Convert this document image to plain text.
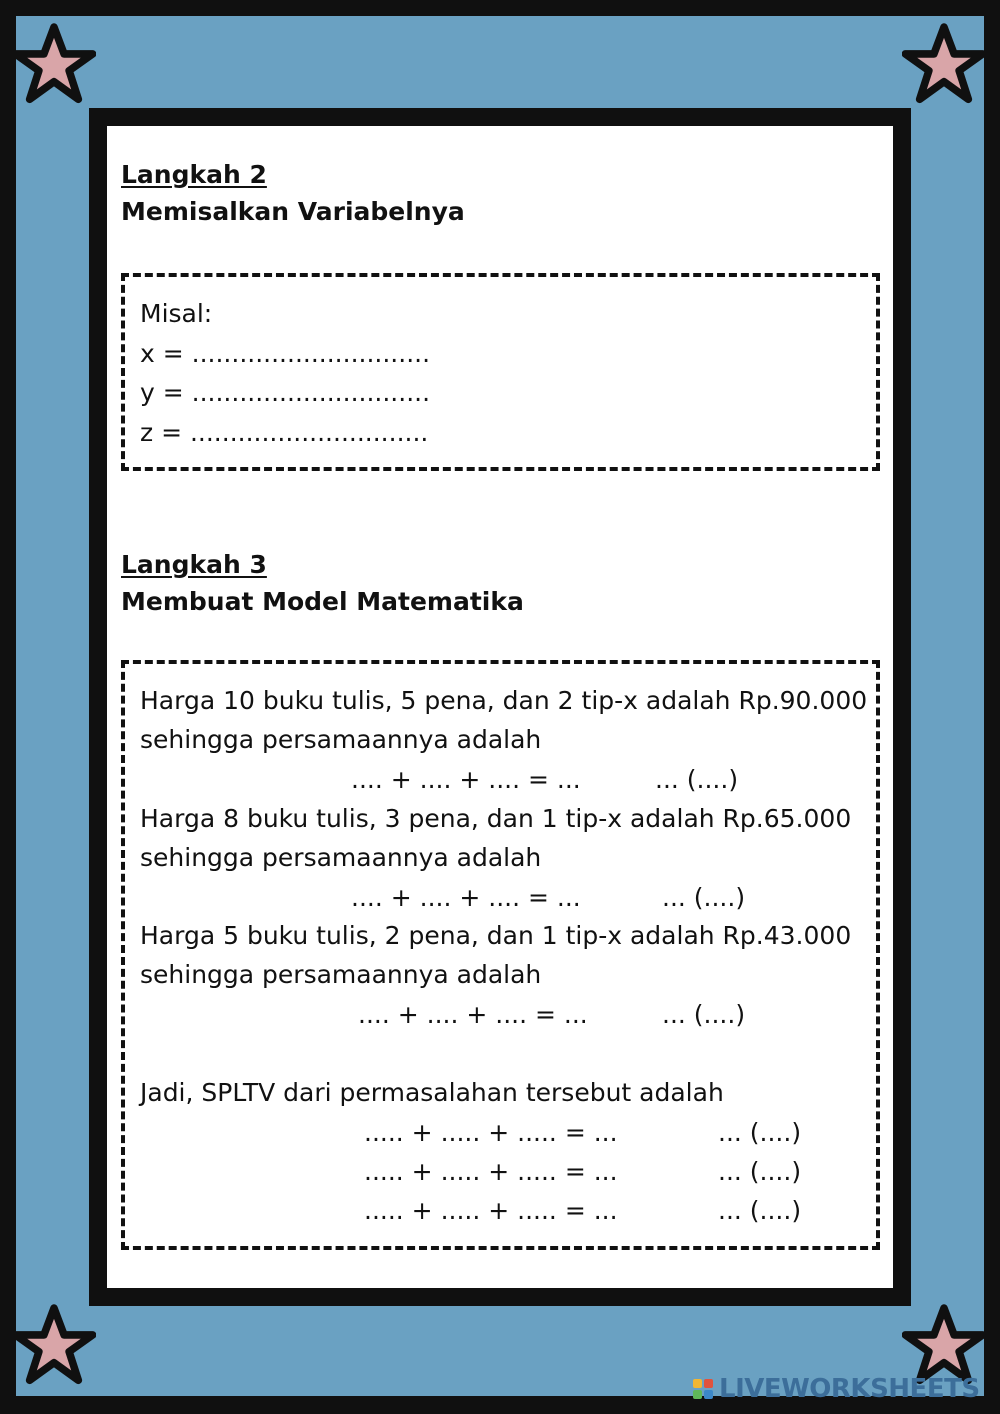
Langkah 2
Memisalkan Variabelnya
Misal:
x = ..............................
y = ..............................
z = ..............................
Langkah 3
Membuat Model Matematika
Harga 10 buku tulis, 5 pena, dan 2 tip-x adalah Rp.90.000
sehingga persamaannya adalah
.... + .... + .... = ...	... (....)
Harga 8 buku tulis, 3 pena, dan 1 tip-x adalah Rp.65.000
sehingga persamaannya adalah
.... + .... + .... = ...	... (....)
Harga 5 buku tulis, 2 pena, dan 1 tip-x adalah Rp.43.000
sehingga persamaannya adalah
.... + .... + .... = ...	... (....)
Jadi, SPLTV dari permasalahan tersebut adalah
..... + ..... + ..... = ...	... (....)
..... + ..... + ..... = ...	... (....)
..... + ..... + ..... = ...	... (....)
LIVEWORKSHEETS
